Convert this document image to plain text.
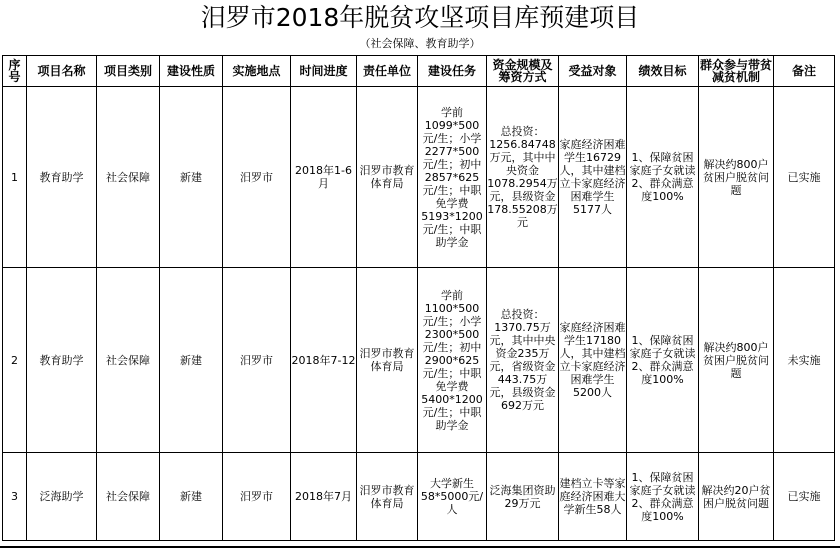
汨罗市2018年脱贫攻坚项目库预建项目
（社会保障、教育助学）
序号	项目名称	项目类别	建设性质	实施地点	时间进度	责任单位	建设任务	资金规模及筹资方式	受益对象	绩效目标	群众参与带贫减贫机制	备注
1	教育助学	社会保障	新建	汨罗市	2018年1-6月	汨罗市教育体育局	学前1099*500元/生；小学2277*500元/生；初中2857*625元/生；中职免学费5193*1200元/生；中职助学金	总投资：1256.84748万元，其中中央资金1078.2954万元，县级资金178.55208万元	家庭经济困难学生16729人，其中建档立卡家庭经济困难学生5177人	1、保障贫困家庭子女就读 2、群众满意度100%	解决约800户贫困户脱贫问题	已实施
2	教育助学	社会保障	新建	汨罗市	2018年7-12	汨罗市教育体育局	学前1100*500元/生；小学2300*500元/生；初中2900*625元/生；中职免学费5400*1200元/生；中职助学金	总投资：1370.75万元，其中中央资金235万元，省级资金443.75万元，县级资金692万元	家庭经济困难学生17180人，其中建档立卡家庭经济困难学生5200人	1、保障贫困家庭子女就读 2、群众满意度100%	解决约800户贫困户脱贫问题	未实施
3	泛海助学	社会保障	新建	汨罗市	2018年7月	汨罗市教育体育局	大学新生58*5000元/人	泛海集团资助29万元	建档立卡等家庭经济困难大学新生58人	1、保障贫困家庭子女就读 2、群众满意度100%	解决约20户贫困户脱贫问题	已实施
